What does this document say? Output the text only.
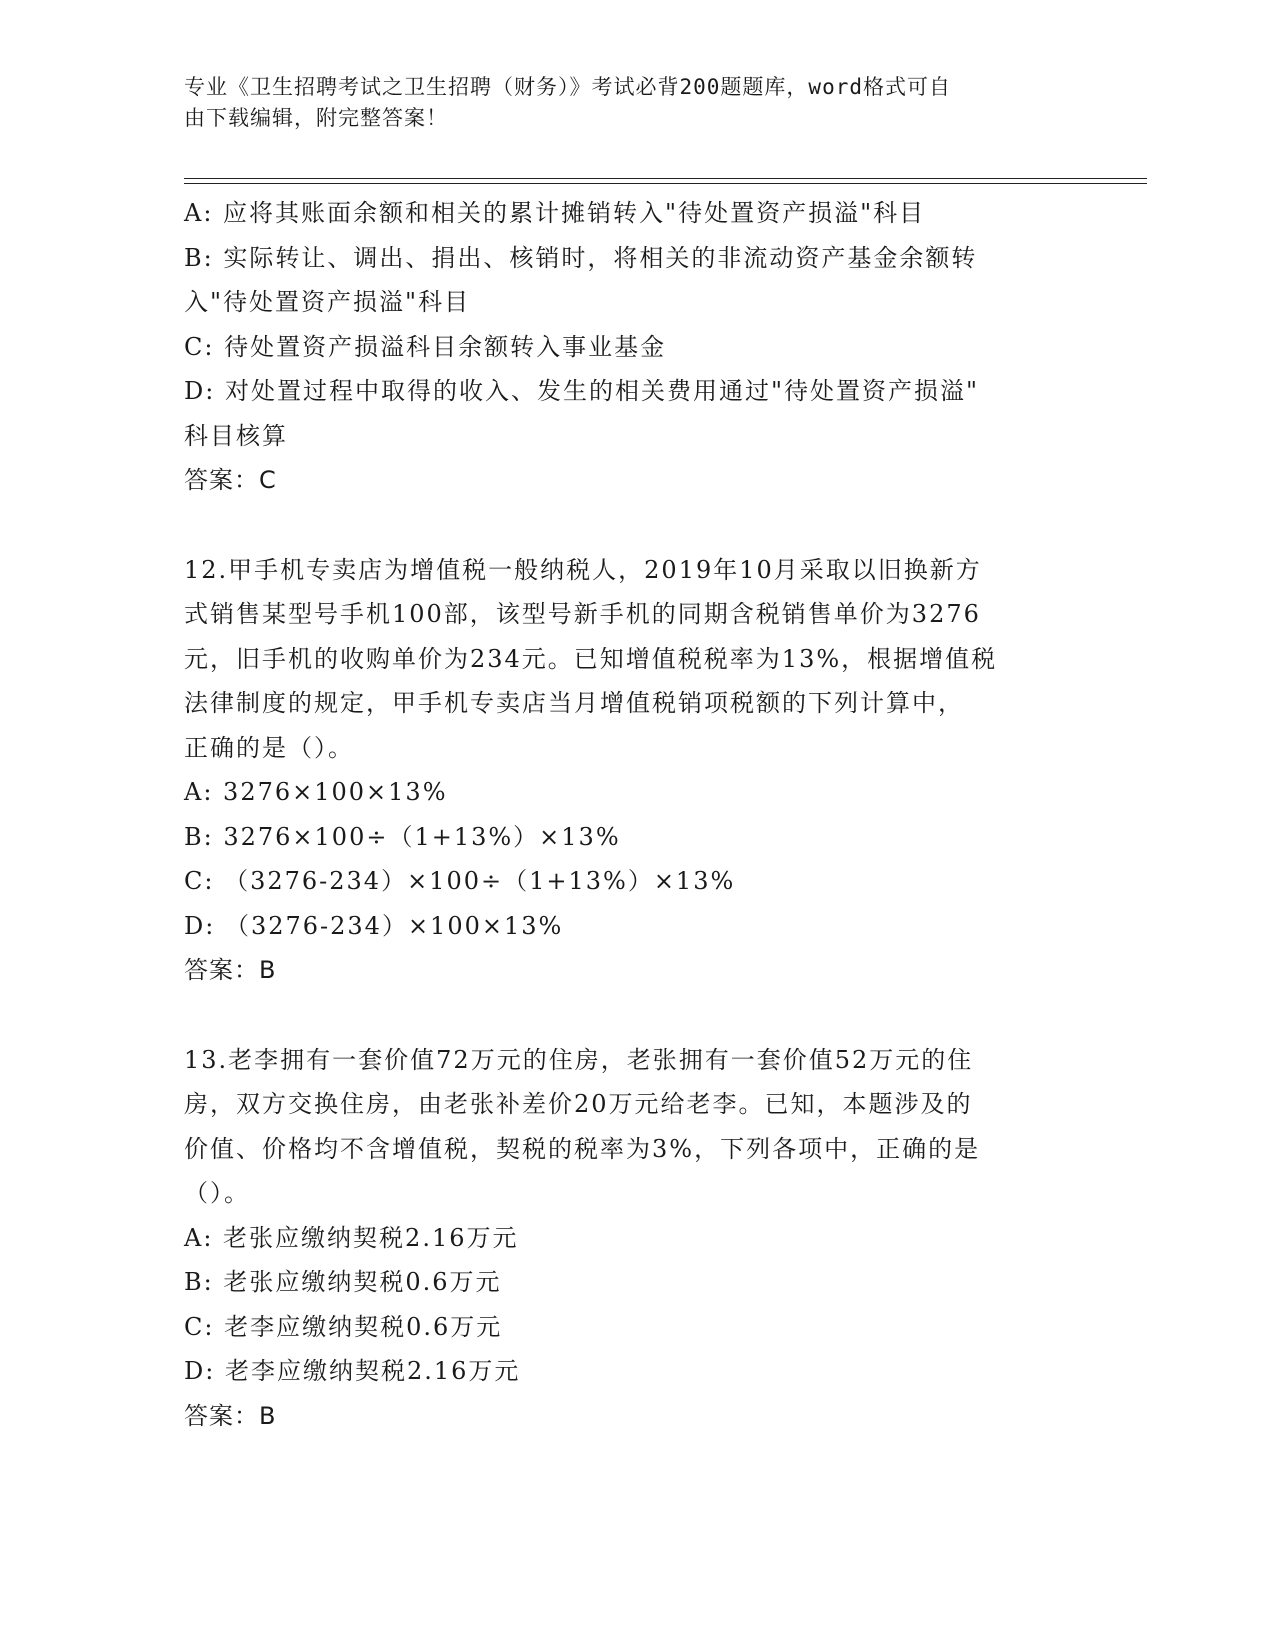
专业《卫生招聘考试之卫生招聘（财务）》考试必背200题题库，word格式可自
由下载编辑，附完整答案！
A: 应将其账面余额和相关的累计摊销转入"待处置资产损溢"科目
B: 实际转让、调出、捐出、核销时，将相关的非流动资产基金余额转
入"待处置资产损溢"科目
C: 待处置资产损溢科目余额转入事业基金
D: 对处置过程中取得的收入、发生的相关费用通过"待处置资产损溢"
科目核算
答案：C
12.甲手机专卖店为增值税一般纳税人，2019年10月采取以旧换新方
式销售某型号手机100部，该型号新手机的同期含税销售单价为3276
元，旧手机的收购单价为234元。已知增值税税率为13%，根据增值税
法律制度的规定，甲手机专卖店当月增值税销项税额的下列计算中，
正确的是（）。
A: 3276×100×13%
B: 3276×100÷（1+13%）×13%
C: （3276-234）×100÷（1+13%）×13%
D: （3276-234）×100×13%
答案：B
13.老李拥有一套价值72万元的住房，老张拥有一套价值52万元的住
房，双方交换住房，由老张补差价20万元给老李。已知，本题涉及的
价值、价格均不含增值税，契税的税率为3%，下列各项中，正确的是
（）。
A: 老张应缴纳契税2.16万元
B: 老张应缴纳契税0.6万元
C: 老李应缴纳契税0.6万元
D: 老李应缴纳契税2.16万元
答案：B
